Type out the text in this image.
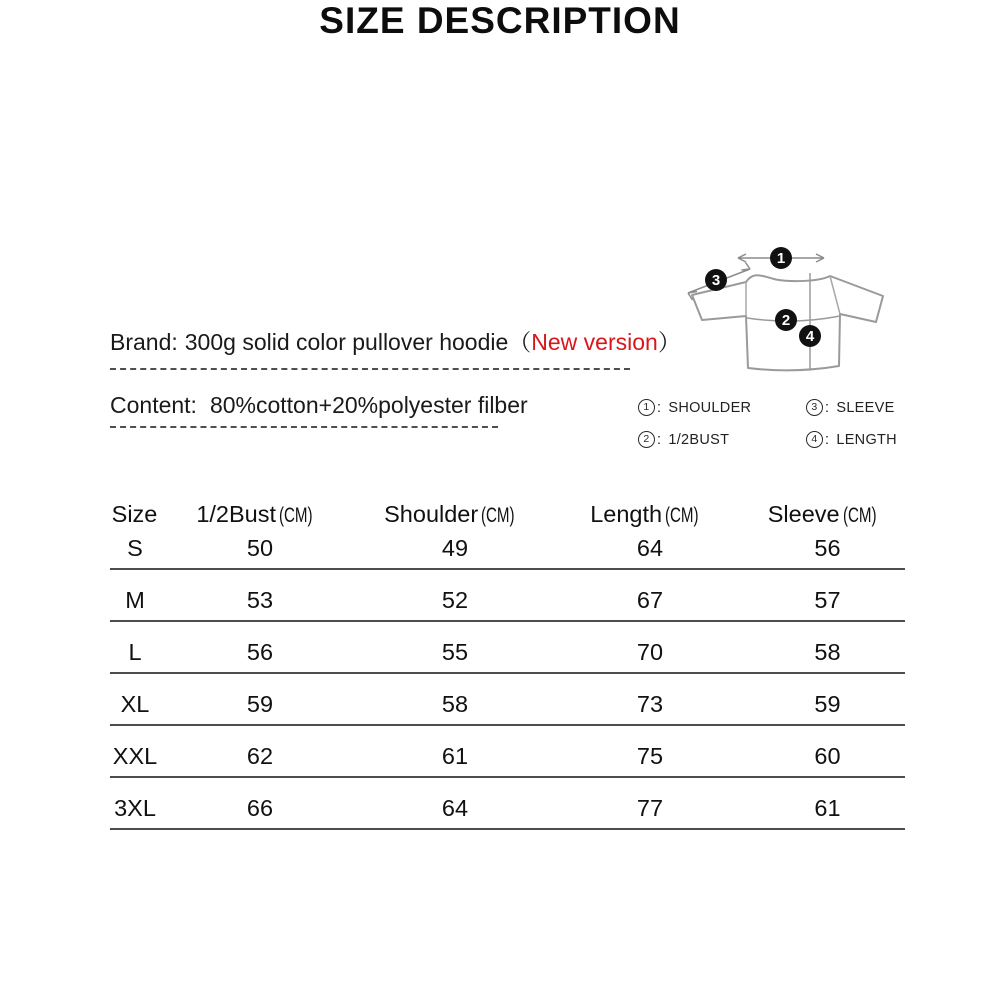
SIZE DESCRIPTION
Brand: 300g solid color pullover hoodie（New version）
Content: 80%cotton+20%polyester filber
1
3
2
4
1 : SHOULDER	3 : SLEEVE
2 : 1/2BUST	4 : LENGTH
Size	1/2Bust (CM)	Shoulder (CM)	Length (CM)	Sleeve (CM)
S	50	49	64	56
M	53	52	67	57
L	56	55	70	58
XL	59	58	73	59
XXL	62	61	75	60
3XL	66	64	77	61
